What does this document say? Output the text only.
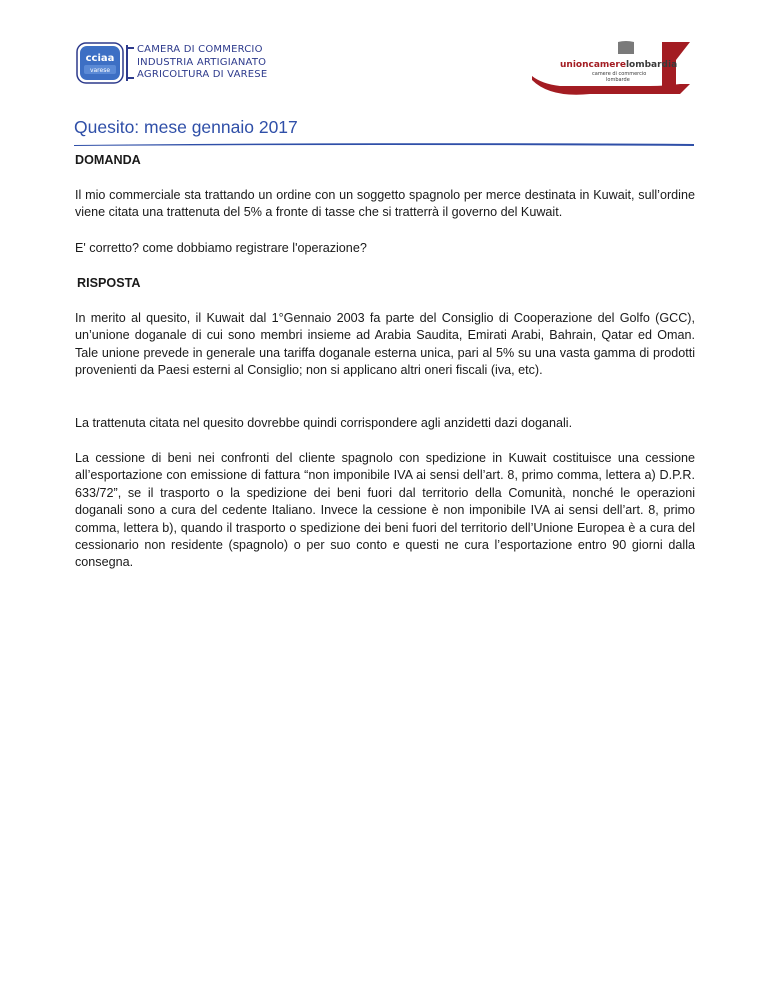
cciaa
varese
CAMERA DI COMMERCIO
INDUSTRIA ARTIGIANATO
AGRICOLTURA DI VARESE
unioncamerelombardia
camere di commercio
lombarde
Quesito: mese gennaio 2017

DOMANDA

Il mio commerciale sta trattando un ordine con un soggetto spagnolo per merce destinata in Kuwait, sull’ordine viene citata una trattenuta del 5% a fronte di tasse che si tratterrà il governo del Kuwait.

E' corretto? come dobbiamo registrare l'operazione?

RISPOSTA

In merito al quesito, il Kuwait dal 1°Gennaio 2003 fa parte del Consiglio di Cooperazione del Golfo (GCC), un’unione doganale di cui sono membri insieme ad Arabia Saudita, Emirati Arabi, Bahrain, Qatar ed Oman. Tale unione prevede in generale una tariffa doganale esterna unica, pari al 5% su una vasta gamma di prodotti provenienti da Paesi esterni al Consiglio; non si applicano altri oneri fiscali (iva, etc).

La trattenuta citata nel quesito dovrebbe quindi corrispondere agli anzidetti dazi doganali.

La cessione di beni nei confronti del cliente spagnolo con spedizione in Kuwait costituisce una cessione all’esportazione con emissione di fattura “non imponibile IVA ai sensi dell’art. 8, primo comma, lettera a) D.P.R. 633/72”, se il trasporto o la spedizione dei beni fuori dal territorio della Comunità, nonché le operazioni doganali sono a cura del cedente Italiano. Invece la cessione è non imponibile IVA ai sensi dell’art. 8, primo comma, lettera b), quando il trasporto o spedizione dei beni fuori del territorio dell’Unione Europea è a cura del cessionario non residente (spagnolo) o per suo conto e questi ne cura l’esportazione entro 90 giorni dalla consegna.
